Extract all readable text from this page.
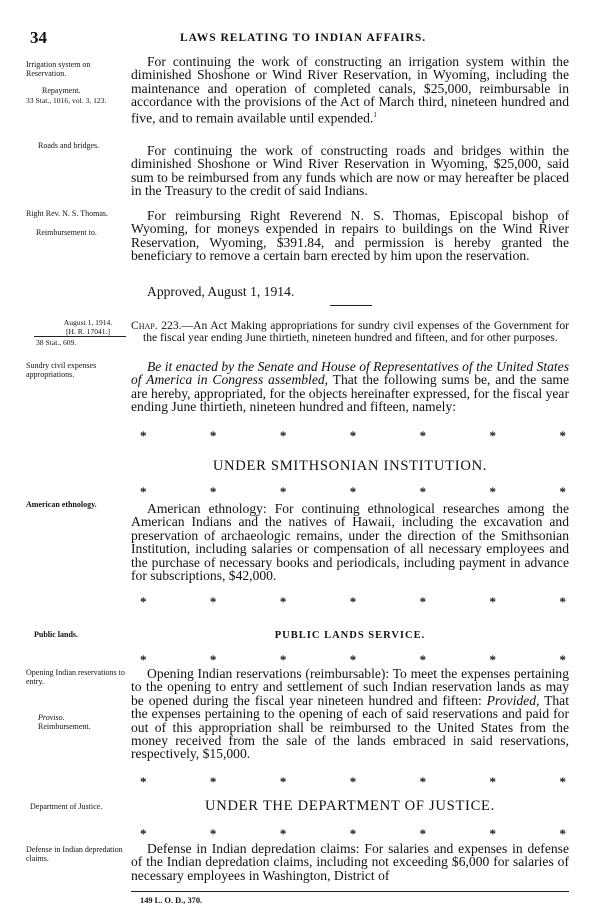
34	LAWS RELATING TO INDIAN AFFAIRS.
Irrigation system on Reservation.
Repayment.
33 Stat., 1016, vol. 3, 123.
Roads and bridges.
Right Rev. N. S. Thomas.
Reimbursement to.
August 1, 1914.
[H. R. 17041.]
38 Stat., 609.
Sundry civil expenses appropriations.
American ethnology.
Public lands.
Opening Indian reservations to entry.
Proviso.
Reimbursement.
Department of Justice.
Defense in Indian depredation claims.
For continuing the work of constructing an irrigation system within the diminished Shoshone or Wind River Reservation, in Wyoming, including the maintenance and operation of completed canals, $25,000, reimbursable in accordance with the provisions of the Act of March third, nineteen hundred and five, and to remain available until expended.$^1$
For continuing the work of constructing roads and bridges within the diminished Shoshone or Wind River Reservation in Wyoming, $25,000, said sum to be reimbursed from any funds which are now or may hereafter be placed in the Treasury to the credit of said Indians.
For reimbursing Right Reverend N. S. Thomas, Episcopal bishop of Wyoming, for moneys expended in repairs to buildings on the Wind River Reservation, Wyoming, $391.84, and permission is hereby granted the beneficiary to remove a certain barn erected by him upon the reservation.
Approved, August 1, 1914.
Chap. 223.—An Act Making appropriations for sundry civil expenses of the Government for the fiscal year ending June thirtieth, nineteen hundred and fifteen, and for other purposes.
Be it enacted by the Senate and House of Representatives of the United States of America in Congress assembled, That the following sums be, and the same are hereby, appropriated, for the objects hereinafter expressed, for the fiscal year ending June thirtieth, nineteen hundred and fifteen, namely:
*	*	*	*	*	*	*
UNDER SMITHSONIAN INSTITUTION.
*	*	*	*	*	*	*
American ethnology: For continuing ethnological researches among the American Indians and the natives of Hawaii, including the excavation and preservation of archaeologic remains, under the direction of the Smithsonian Institution, including salaries or compensation of all necessary employees and the purchase of necessary books and periodicals, including payment in advance for subscriptions, $42,000.
*	*	*	*	*	*	*
PUBLIC LANDS SERVICE.
*	*	*	*	*	*	*
Opening Indian reservations (reimbursable): To meet the expenses pertaining to the opening to entry and settlement of such Indian reservation lands as may be opened during the fiscal year nineteen hundred and fifteen: Provided, That the expenses pertaining to the opening of each of said reservations and paid for out of this appropriation shall be reimbursed to the United States from the money received from the sale of the lands embraced in said reservations, respectively, $15,000.
*	*	*	*	*	*	*
UNDER THE DEPARTMENT OF JUSTICE.
*	*	*	*	*	*	*
Defense in Indian depredation claims: For salaries and expenses in defense of the Indian depredation claims, including not exceeding $6,000 for salaries of necessary employees in Washington, District of
149 L. O. D., 370.
